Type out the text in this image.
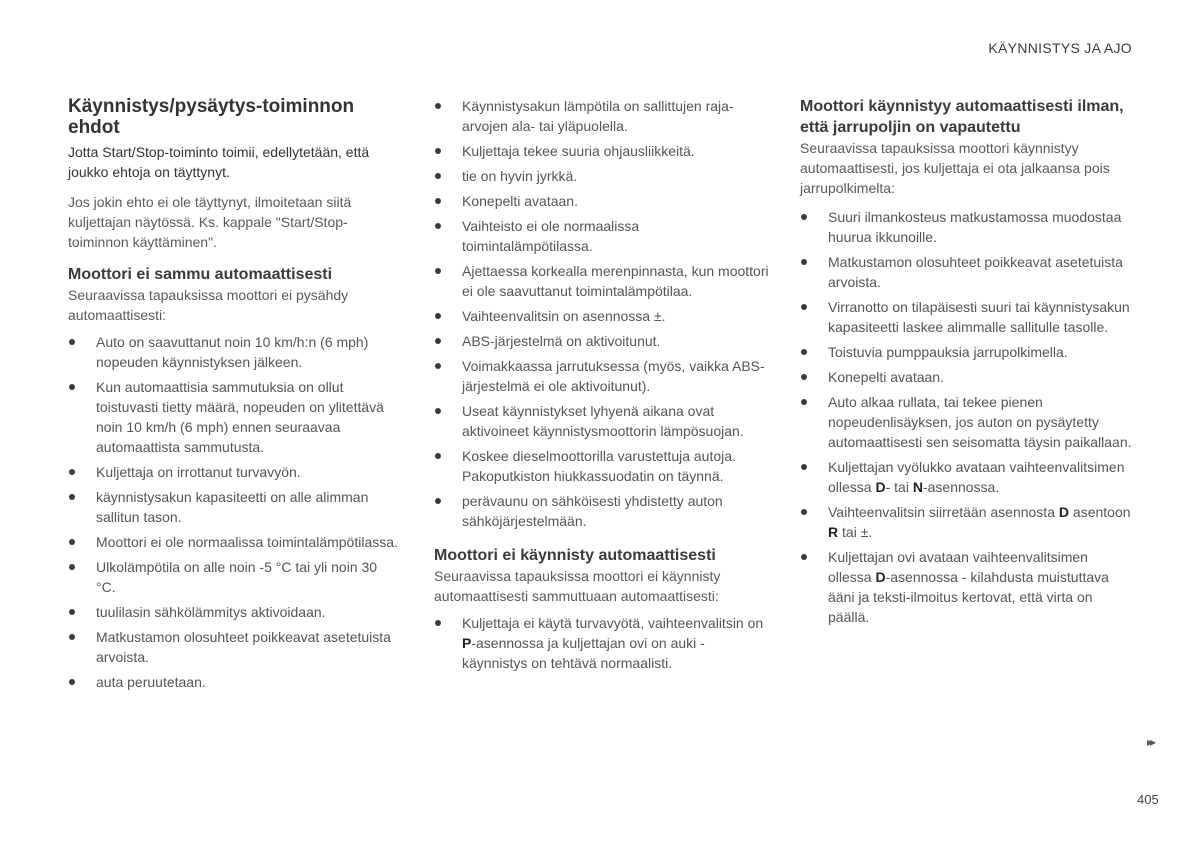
KÄYNNISTYS JA AJO
Käynnistys/pysäytys-toiminnon ehdot

Jotta Start/Stop-toiminto toimii, edellytetään, että joukko ehtoja on täyttynyt.

Jos jokin ehto ei ole täyttynyt, ilmoitetaan siitä kuljettajan näytössä. Ks. kappale "Start/Stop-toiminnon käyttäminen".

Moottori ei sammu automaattisesti

Seuraavissa tapauksissa moottori ei pysähdy automaattisesti:

Auto on saavuttanut noin 10 km/h:n (6 mph) nopeuden käynnistyksen jälkeen.
Kun automaattisia sammutuksia on ollut toistuvasti tietty määrä, nopeuden on ylitettävä noin 10 km/h (6 mph) ennen seuraavaa automaattista sammutusta.
Kuljettaja on irrottanut turvavyön.
käynnistysakun kapasiteetti on alle alimman sallitun tason.
Moottori ei ole normaalissa toimintalämpötilassa.
Ulkolämpötila on alle noin -5 °C tai yli noin 30 °C.
tuulilasin sähkölämmitys aktivoidaan.
Matkustamon olosuhteet poikkeavat asetetuista arvoista.
auta peruutetaan.
Käynnistysakun lämpötila on sallittujen raja-arvojen ala- tai yläpuolella.
Kuljettaja tekee suuria ohjausliikkeitä.
tie on hyvin jyrkkä.
Konepelti avataan.
Vaihteisto ei ole normaalissa toimintalämpötilassa.
Ajettaessa korkealla merenpinnasta, kun moottori ei ole saavuttanut toimintalämpötilaa.
Vaihteenvalitsin on asennossa ±.
ABS-järjestelmä on aktivoitunut.
Voimakkaassa jarrutuksessa (myös, vaikka ABS-järjestelmä ei ole aktivoitunut).
Useat käynnistykset lyhyenä aikana ovat aktivoineet käynnistysmoottorin lämpösuojan.
Koskee dieselmoottorilla varustettuja autoja. Pakoputkiston hiukkassuodatin on täynnä.
perävaunu on sähköisesti yhdistetty auton sähköjärjestelmään.
Moottori ei käynnisty automaattisesti

Seuraavissa tapauksissa moottori ei käynnisty automaattisesti sammuttuaan automaattisesti:

Kuljettaja ei käytä turvavyötä, vaihteenvalitsin on P-asennossa ja kuljettajan ovi on auki - käynnistys on tehtävä normaalisti.
Moottori käynnistyy automaattisesti ilman, että jarrupoljin on vapautettu

Seuraavissa tapauksissa moottori käynnistyy automaattisesti, jos kuljettaja ei ota jalkaansa pois jarrupolkimelta:

Suuri ilmankosteus matkustamossa muodostaa huurua ikkunoille.
Matkustamon olosuhteet poikkeavat asetetuista arvoista.
Virranotto on tilapäisesti suuri tai käynnistysakun kapasiteetti laskee alimmalle sallitulle tasolle.
Toistuvia pumppauksia jarrupolkimella.
Konepelti avataan.
Auto alkaa rullata, tai tekee pienen nopeudenlisäyksen, jos auton on pysäytetty automaattisesti sen seisomatta täysin paikallaan.
Kuljettajan vyölukko avataan vaihteenvalitsimen ollessa D- tai N-asennossa.
Vaihteenvalitsin siirretään asennosta D asentoon R tai ±.
Kuljettajan ovi avataan vaihteenvalitsimen ollessa D-asennossa - kilahdusta muistuttava ääni ja teksti-ilmoitus kertovat, että virta on päällä.
▸▸
405
